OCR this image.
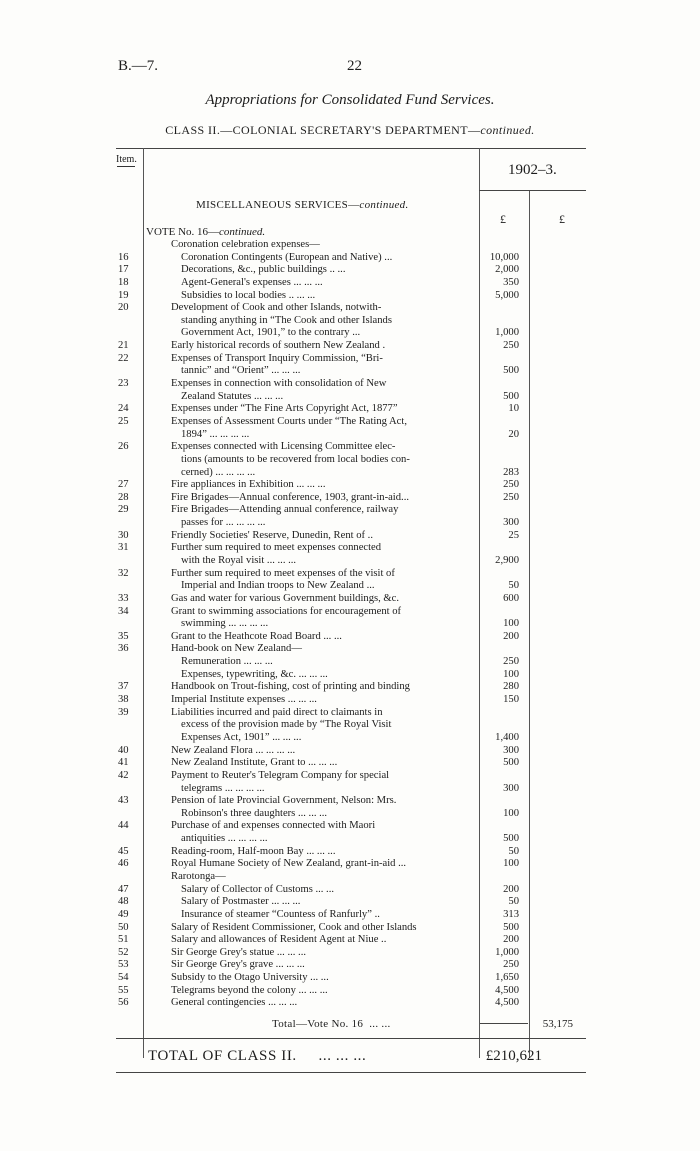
B.—7.	22
Appropriations for Consolidated Fund Services.
CLASS II.—COLONIAL SECRETARY'S DEPARTMENT—continued.
Item.
1902–3.
MISCELLANEOUS SERVICES—continued.
£	£
VOTE No. 16—continued.
Coronation celebration expenses—
16	Coronation Contingents (European and Native) ...	10,000
17	Decorations, &c., public buildings .. ...	2,000
18	Agent-General's expenses ... ... ...	350
19	Subsidies to local bodies .. ... ...	5,000
20	Development of Cook and other Islands, notwith-
standing anything in “The Cook and other Islands
Government Act, 1901,” to the contrary ...	1,000
21	Early historical records of southern New Zealand .	250
22	Expenses of Transport Inquiry Commission, “Bri-
tannic” and “Orient” ... ... ...	500
23	Expenses in connection with consolidation of New
Zealand Statutes ... ... ...	500
24	Expenses under “The Fine Arts Copyright Act, 1877”	10
25	Expenses of Assessment Courts under “The Rating Act,
1894” ... ... ... ...	20
26	Expenses connected with Licensing Committee elec-
tions (amounts to be recovered from local bodies con-
cerned) ... ... ... ...	283
27	Fire appliances in Exhibition ... ... ...	250
28	Fire Brigades—Annual conference, 1903, grant-in-aid...	250
29	Fire Brigades—Attending annual conference, railway
passes for ... ... ... ...	300
30	Friendly Societies' Reserve, Dunedin, Rent of ..	25
31	Further sum required to meet expenses connected
with the Royal visit ... ... ...	2,900
32	Further sum required to meet expenses of the visit of
Imperial and Indian troops to New Zealand ...	50
33	Gas and water for various Government buildings, &c.	600
34	Grant to swimming associations for encouragement of
swimming ... ... ... ...	100
35	Grant to the Heathcote Road Board ... ...	200
36	Hand-book on New Zealand—
Remuneration ... ... ...	250
Expenses, typewriting, &c. ... ... ...	100
37	Handbook on Trout-fishing, cost of printing and binding	280
38	Imperial Institute expenses ... ... ...	150
39	Liabilities incurred and paid direct to claimants in
excess of the provision made by “The Royal Visit
Expenses Act, 1901” ... ... ...	1,400
40	New Zealand Flora ... ... ... ...	300
41	New Zealand Institute, Grant to ... ... ...	500
42	Payment to Reuter's Telegram Company for special
telegrams ... ... ... ...	300
43	Pension of late Provincial Government, Nelson: Mrs.
Robinson's three daughters ... ... ...	100
44	Purchase of and expenses connected with Maori
antiquities ... ... ... ...	500
45	Reading-room, Half-moon Bay ... ... ...	50
46	Royal Humane Society of New Zealand, grant-in-aid ...	100
Rarotonga—
47	Salary of Collector of Customs ... ...	200
48	Salary of Postmaster ... ... ...	50
49	Insurance of steamer “Countess of Ranfurly” ..	313
50	Salary of Resident Commissioner, Cook and other Islands	500
51	Salary and allowances of Resident Agent at Niue ..	200
52	Sir George Grey's statue ... ... ...	1,000
53	Sir George Grey's grave ... ... ...	250
54	Subsidy to the Otago University ... ...	1,650
55	Telegrams beyond the colony ... ... ...	4,500
56	General contingencies ... ... ...	4,500
Total—Vote No. 16 ... ...	53,175
TOTAL OF CLASS II. ... ... ...	£210,621
